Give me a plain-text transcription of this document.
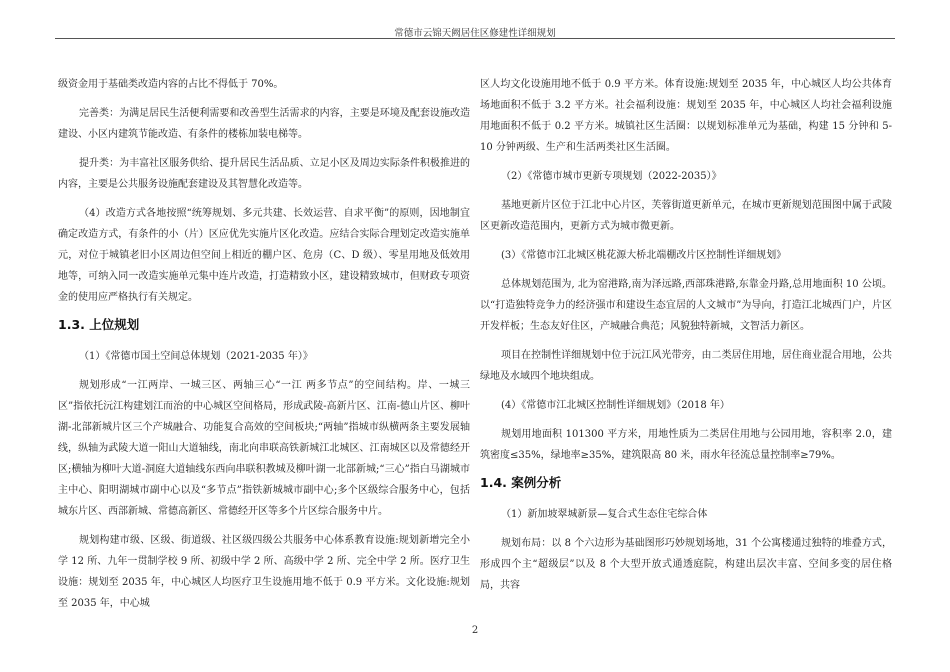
常德市云锦天阙居住区修建性详细规划

级资金用于基础类改造内容的占比不得低于 70%。

完善类：为满足居民生活便利需要和改善型生活需求的内容，主要是环境及配套设施改造建设、小区内建筑节能改造、有条件的楼栋加装电梯等。

提升类：为丰富社区服务供给、提升居民生活品质、立足小区及周边实际条件积极推进的内容，主要是公共服务设施配套建设及其智慧化改造等。

（4）改造方式各地按照“统筹规划、多元共建、长效运营、自求平衡”的原则，因地制宜确定改造方式，有条件的小（片）区应优先实施片区化改造。应结合实际合理划定改造实施单元，对位于城镇老旧小区周边但空间上相近的棚户区、危房（C、D 级）、零星用地及低效用地等，可纳入同一改造实施单元集中连片改造，打造精致小区，建设精致城市，但财政专项资金的使用应严格执行有关规定。

1.3. 上位规划

（1）《常德市国土空间总体规划（2021-2035 年）》

规划形成“一江两岸、一城三区、两轴三心“一江 两多节点”的空间结构。岸、一城三区”指依托沅江构建划江而治的中心城区空间格局，形成武陵-高新片区、江南-德山片区、柳叶湖-北部新城片区三个产城融合、功能复合高效的空间板块;“两轴”指城市纵横两条主要发展轴线，纵轴为武陵大道一阳山大道轴线，南北向串联高铁新城江北城区、江南城区以及常德经开区;横轴为柳叶大道-洞庭大道轴线东西向串联积教城及柳叶湖一北部新城;“三心”指白马湖城市主中心、阳明湖城市副中心以及“多节点”指铁新城城市副中心;多个区级综合服务中心，包括城东片区、西部新城、常德高新区、常德经开区等多个片区综合服务中片。

规划构建市级、区级、街道级、社区级四级公共服务中心体系教育设施:规划新增完全小学 12 所、九年一贯制学校 9 所、初级中学 2 所、高级中学 2 所、完全中学 2 所。医疗卫生设施：规划至 2035 年，中心城区人均医疗卫生设施用地不低于 0.9 平方米。文化设施:规划至 2035 年，中心城

区人均文化设施用地不低于 0.9 平方米。体育设施:规划至 2035 年，中心城区人均公共体育场地面积不低于 3.2 平方米。社会福利设施：规划至 2035 年，中心城区人均社会福利设施用地面积不低于 0.2 平方米。城镇社区生活圈：以规划标准单元为基础，构建 15 分钟和 5-10 分钟两级、生产和生活两类社区生活圈。

（2）《常德市城市更新专项规划（2022-2035）》

基地更新片区位于江北中心片区，芙蓉街道更新单元，在城市更新规划范围图中属于武陵区更新改造范围内，更新方式为城市微更新。

(3）《常德市江北城区桃花源大桥北端棚改片区控制性详细规划》

总体规划范围为, 北为窑港路,南为泽远路,西部珠港路,东靠金丹路,总用地面积 10 公顷。以“打造独特竞争力的经济强市和建设生态宜居的人文城市”为导向，打造江北城西门户，片区开发样板；生态友好住区，产城融合典范；风貌独特新城，文智活力新区。

项目在控制性详细规划中位于沅江风光带旁，由二类居住用地，居住商业混合用地，公共绿地及水域四个地块组成。

(4）《常德市江北城区控制性详细规划》（2018 年）

规划用地面积 101300 平方米，用地性质为二类居住用地与公园用地，容积率 2.0，建筑密度≤35%，绿地率≥35%，建筑限高 80 米，雨水年径流总量控制率≥79%。

1.4. 案例分析

（1）新加坡翠城新景—复合式生态住宅综合体

规划布局：以 8 个六边形为基础图形巧妙规划场地，31 个公寓楼通过独特的堆叠方式，形成四个主“超级层”以及 8 个大型开放式通透庭院，构建出层次丰富、空间多变的居住格局，共容

2
